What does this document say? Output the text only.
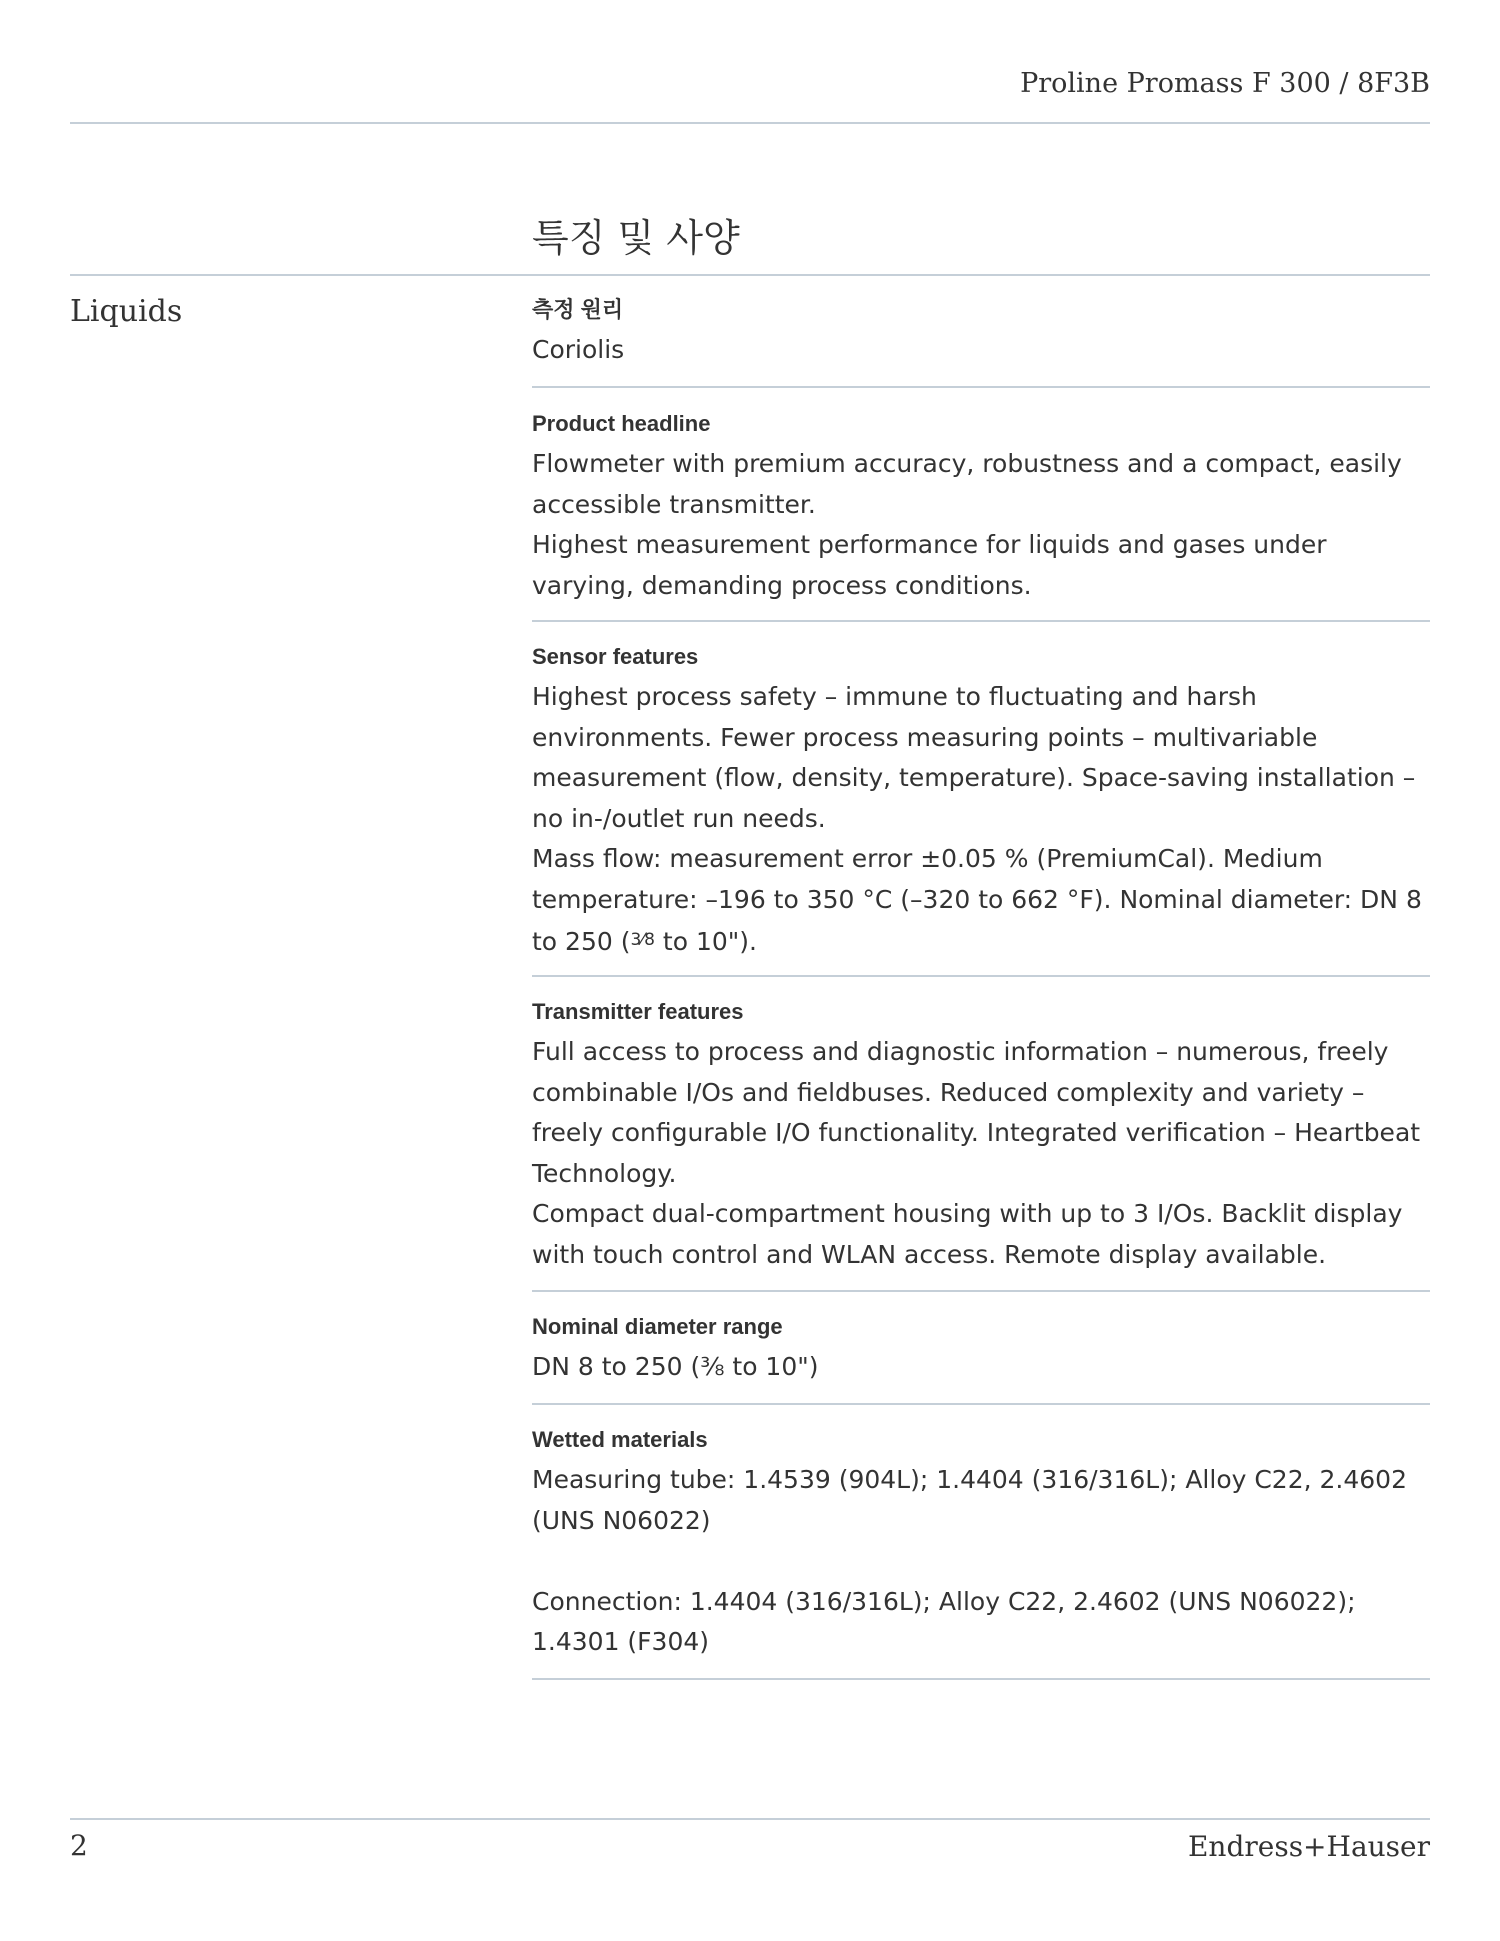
Proline Promass F 300 / 8F3B
특징 및 사양
Liquids	측정 원리

Coriolis

Product headline

Flowmeter with premium accuracy, robustness and a compact, easily accessible transmitter.

Highest measurement performance for liquids and gases under varying, demanding process conditions.

Sensor features

Highest process safety – immune to fluctuating and harsh environments. Fewer process measuring points – multivariable measurement (flow, density, temperature). Space‐saving installation – no in-/outlet run needs.

Mass flow: measurement error ±0.05 % (PremiumCal). Medium temperature: –196 to 350 °C (–320 to 662 °F). Nominal diameter: DN 8 to 250 ($^{3⁄8}$ to 10").

Transmitter features

Full access to process and diagnostic information – numerous, freely combinable I/Os and fieldbuses. Reduced complexity and variety – freely configurable I/O functionality. Integrated verification – Heartbeat Technology.

Compact dual-compartment housing with up to 3 I/Os. Backlit display with touch control and WLAN access. Remote display available.

Nominal diameter range

DN 8 to 250 (⅜ to 10")

Wetted materials

Measuring tube: 1.4539 (904L); 1.4404 (316/316L); Alloy C22, 2.4602 (UNS N06022)

Connection: 1.4404 (316/316L); Alloy C22, 2.4602 (UNS N06022); 1.4301 (F304)

2	Endress+Hauser
